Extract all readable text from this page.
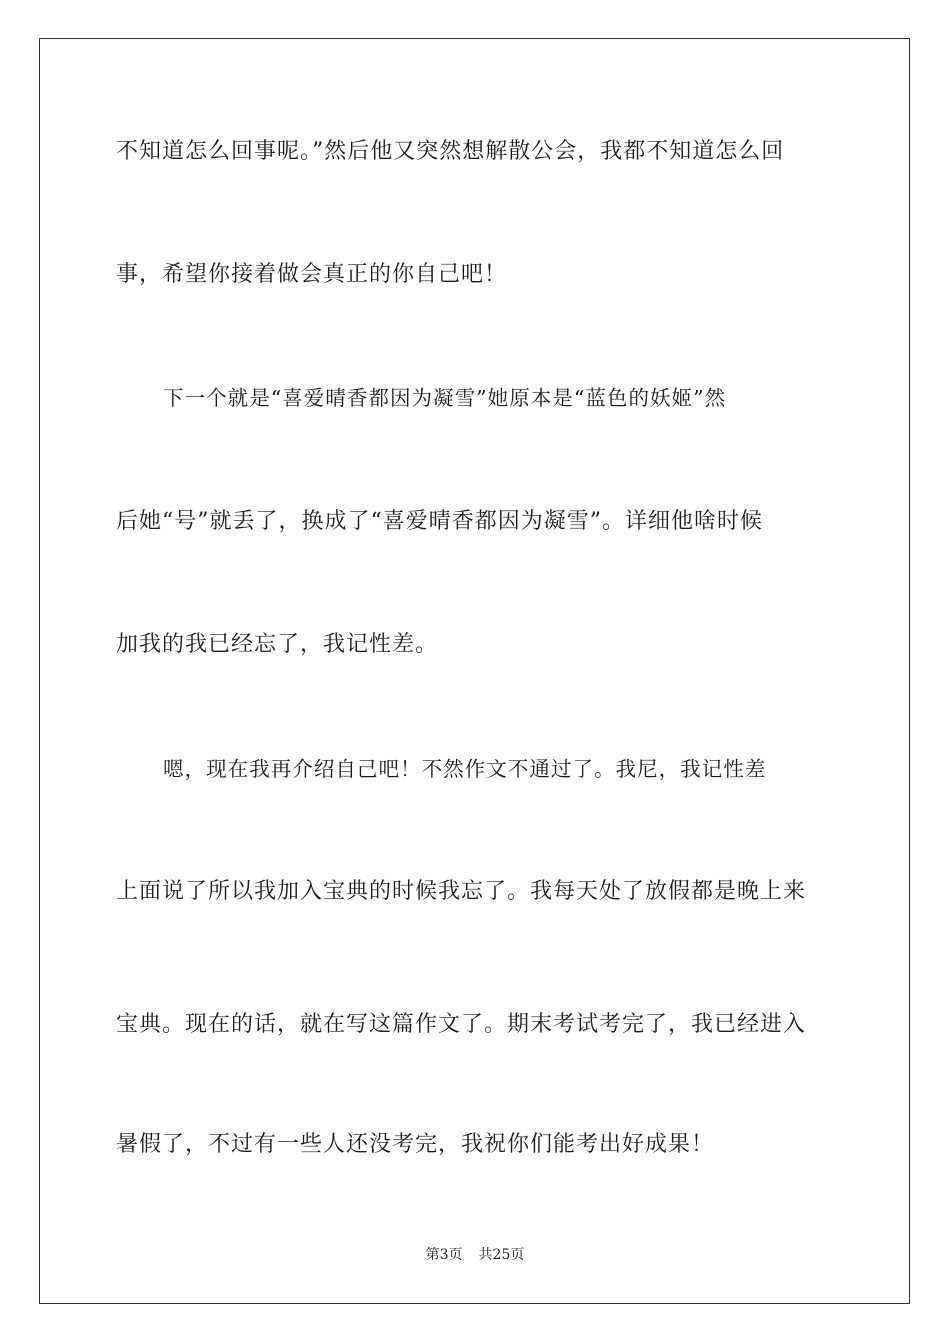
不知道怎么回事呢。”然后他又突然想解散公会，我都不知道怎么回
事，希望你接着做会真正的你自己吧！
下一个就是“喜爱晴香都因为凝雪”她原本是“蓝色的妖姬”然
后她“号”就丢了，换成了“喜爱晴香都因为凝雪”。详细他啥时候
加我的我已经忘了，我记性差。
嗯，现在我再介绍自己吧！不然作文不通过了。我尼，我记性差
上面说了所以我加入宝典的时候我忘了。我每天处了放假都是晚上来
宝典。现在的话，就在写这篇作文了。期末考试考完了，我已经进入
暑假了，不过有一些人还没考完，我祝你们能考出好成果！
第3页 共25页
